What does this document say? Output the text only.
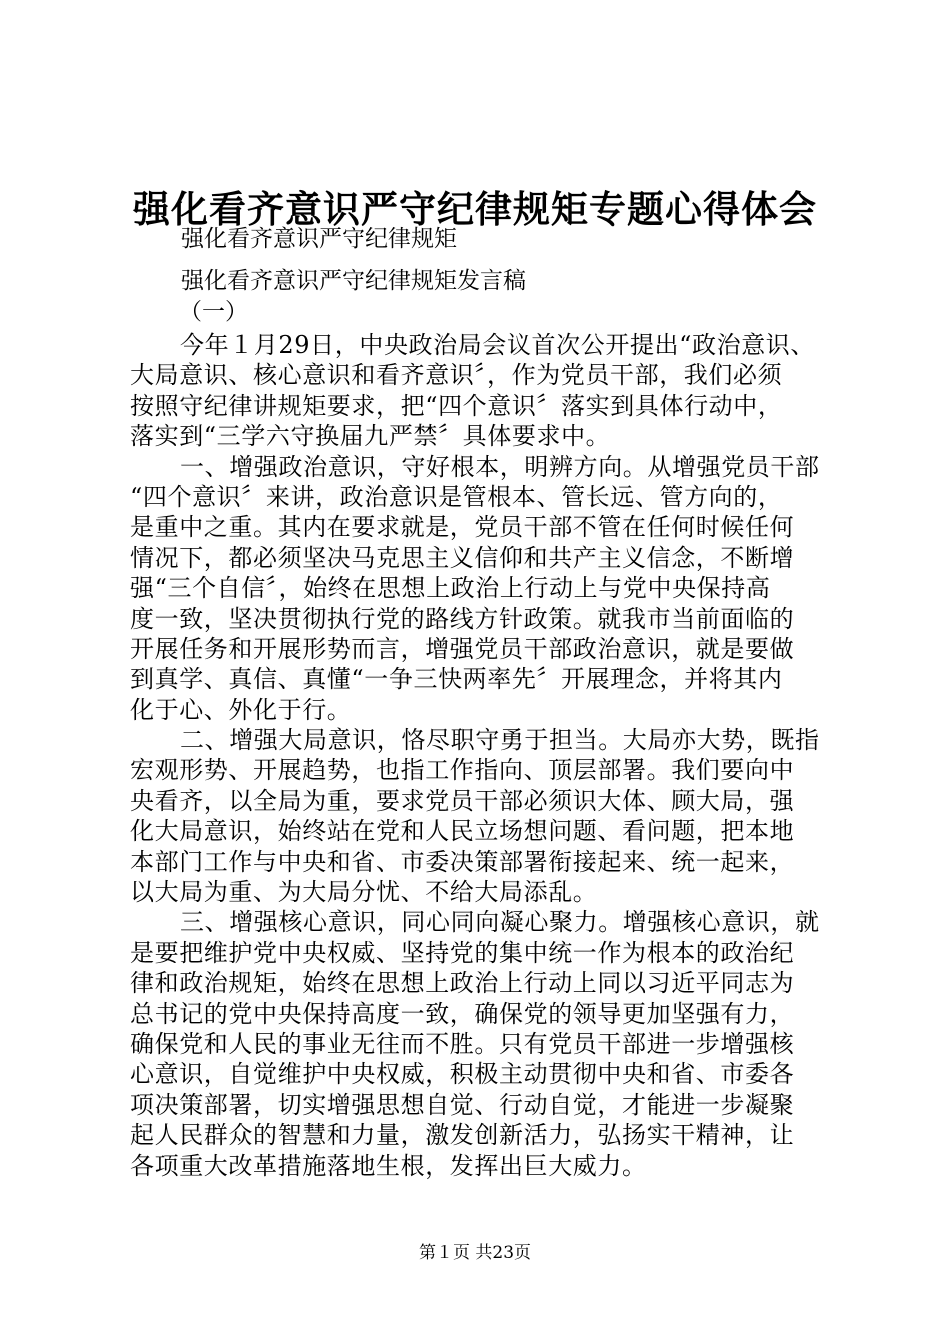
强化看齐意识严守纪律规矩专题心得体会

强化看齐意识严守纪律规矩

强化看齐意识严守纪律规矩发言稿

（一）

今年１月29日，中央政治局会议首次公开提出“政治意识、
大局意识、核心意识和看齐意识〞，作为党员干部，我们必须
按照守纪律讲规矩要求，把“四个意识〞落实到具体行动中，
落实到“三学六守换届九严禁〞具体要求中。

一、增强政治意识，守好根本，明辨方向。从增强党员干部
“四个意识〞来讲，政治意识是管根本、管长远、管方向的，
是重中之重。其内在要求就是，党员干部不管在任何时候任何
情况下，都必须坚决马克思主义信仰和共产主义信念，不断增
强“三个自信〞，始终在思想上政治上行动上与党中央保持高
度一致，坚决贯彻执行党的路线方针政策。就我市当前面临的
开展任务和开展形势而言，增强党员干部政治意识，就是要做
到真学、真信、真懂“一争三快两率先〞开展理念，并将其内
化于心、外化于行。

二、增强大局意识，恪尽职守勇于担当。大局亦大势，既指
宏观形势、开展趋势，也指工作指向、顶层部署。我们要向中
央看齐，以全局为重，要求党员干部必须识大体、顾大局，强
化大局意识，始终站在党和人民立场想问题、看问题，把本地
本部门工作与中央和省、市委决策部署衔接起来、统一起来，
以大局为重、为大局分忧、不给大局添乱。

三、增强核心意识，同心同向凝心聚力。增强核心意识，就
是要把维护党中央权威、坚持党的集中统一作为根本的政治纪
律和政治规矩，始终在思想上政治上行动上同以习近平同志为
总书记的党中央保持高度一致，确保党的领导更加坚强有力，
确保党和人民的事业无往而不胜。只有党员干部进一步增强核
心意识，自觉维护中央权威，积极主动贯彻中央和省、市委各
项决策部署，切实增强思想自觉、行动自觉，才能进一步凝聚
起人民群众的智慧和力量，激发创新活力，弘扬实干精神，让
各项重大改革措施落地生根，发挥出巨大威力。

第１页 共23页
